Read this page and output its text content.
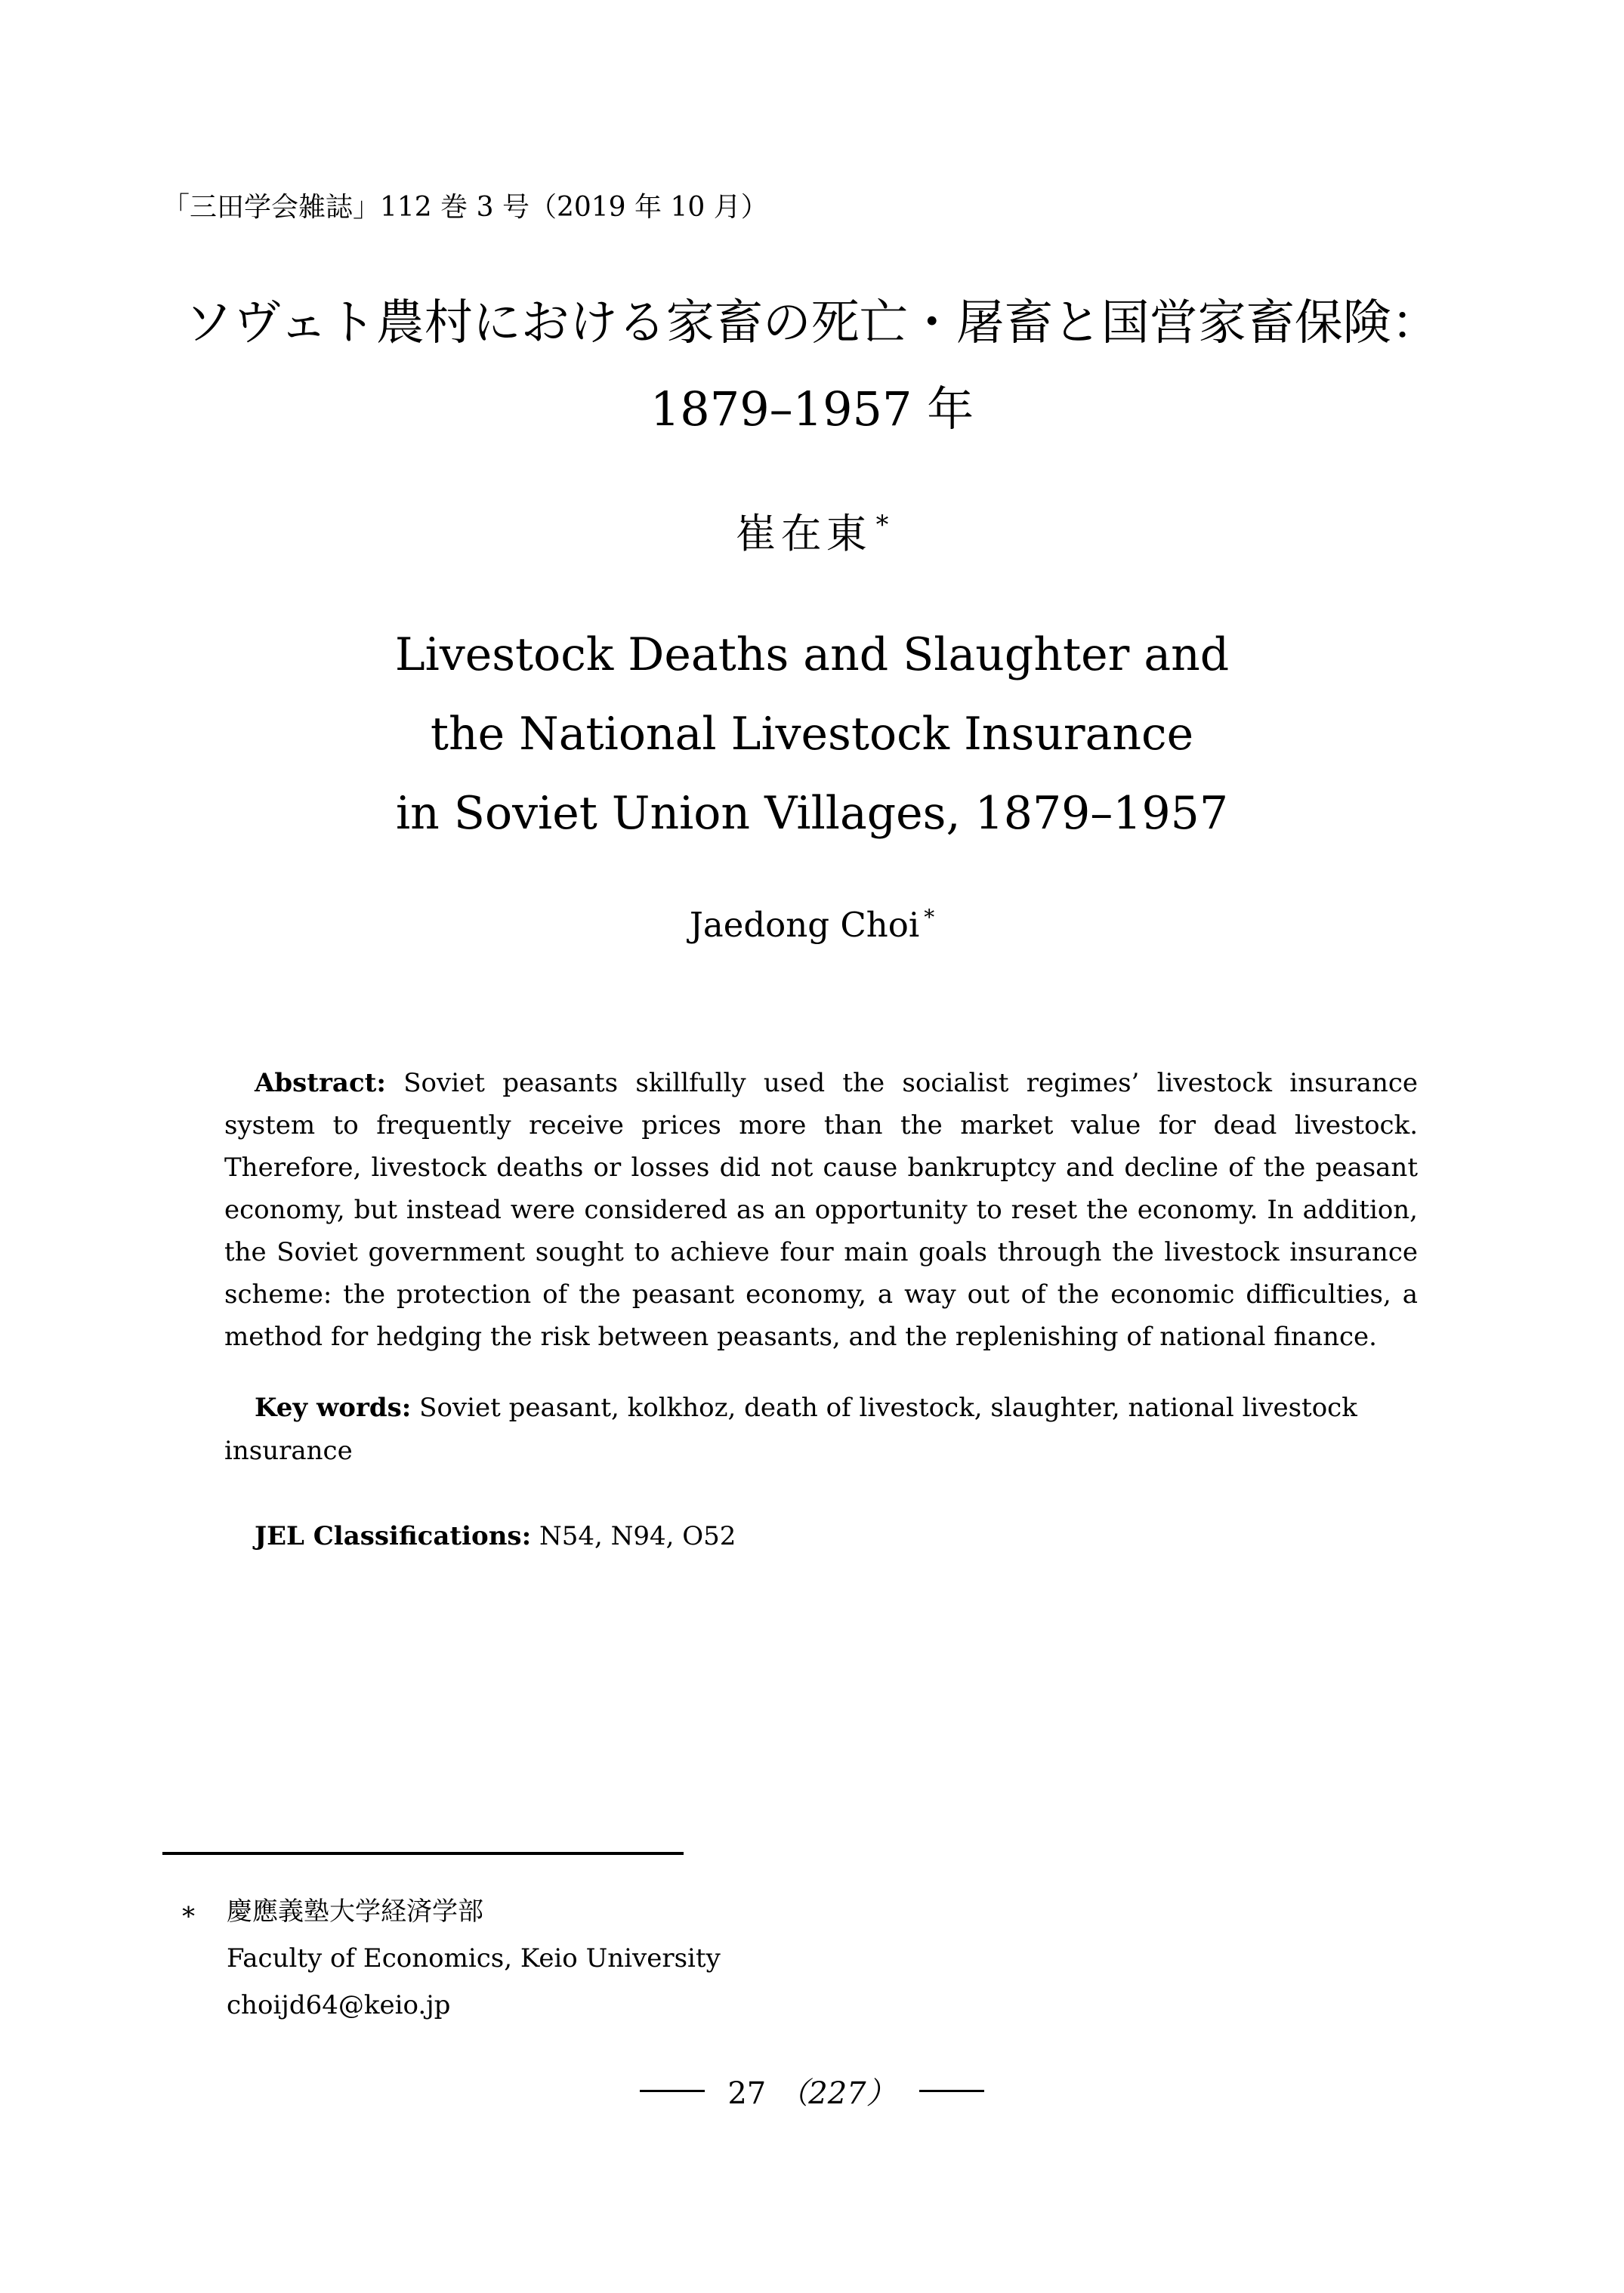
「三田学会雑誌」112 巻 3 号（2019 年 10 月）
ソヴェト農村における家畜の死亡・屠畜と国営家畜保険：
1879–1957 年
崔在東 *
Livestock Deaths and Slaughter and
the National Livestock Insurance
in Soviet Union Villages, 1879–1957
Jaedong Choi *

Abstract: Soviet peasants skillfully used the socialist regimes’ livestock insurance system to frequently receive prices more than the market value for dead livestock. Therefore, livestock deaths or losses did not cause bankruptcy and decline of the peasant economy, but instead were considered as an opportunity to reset the economy. In addition, the Soviet government sought to achieve four main goals through the livestock insurance scheme: the protection of the peasant economy, a way out of the economic difficulties, a method for hedging the risk between peasants, and the replenishing of national finance.

Key words: Soviet peasant, kolkhoz, death of livestock, slaughter, national livestock insurance

JEL Classifications: N54, N94, O52

∗	慶應義塾大学経済学部
Faculty of Economics, Keio University
choijd64@keio.jp
27 （227）
